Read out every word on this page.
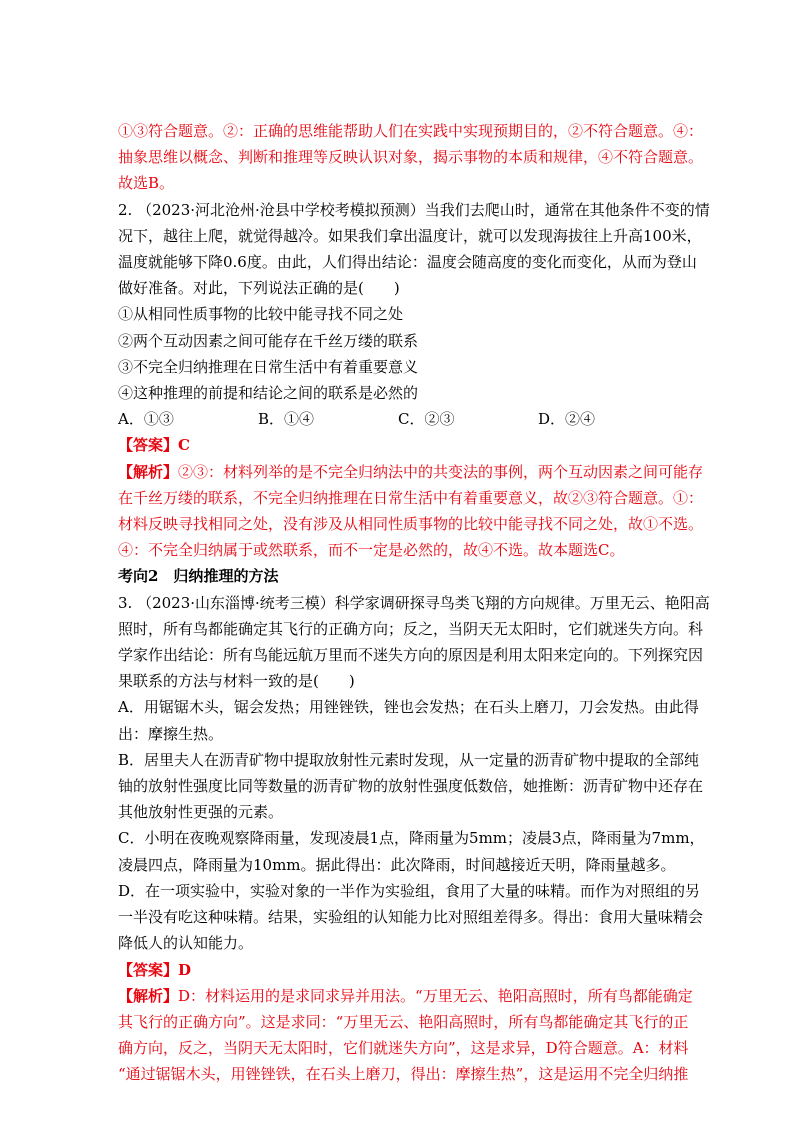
①③符合题意。②：正确的思维能帮助人们在实践中实现预期目的，②不符合题意。④：
抽象思维以概念、判断和推理等反映认识对象，揭示事物的本质和规律，④不符合题意。
故选B。
2. （2023·河北沧州·沧县中学校考模拟预测）当我们去爬山时，通常在其他条件不变的情
况下，越往上爬，就觉得越冷。如果我们拿出温度计，就可以发现海拔往上升高100米，
温度就能够下降0.6度。由此，人们得出结论：温度会随高度的变化而变化，从而为登山
做好准备。对此，下列说法正确的是(　　)
①从相同性质事物的比较中能寻找不同之处
②两个互动因素之间可能存在千丝万缕的联系
③不完全归纳推理在日常生活中有着重要意义
④这种推理的前提和结论之间的联系是必然的
A．①③	B．①④	C．②③	D．②④
【答案】C
【解析】②③：材料列举的是不完全归纳法中的共变法的事例，两个互动因素之间可能存
在千丝万缕的联系，不完全归纳推理在日常生活中有着重要意义，故②③符合题意。①：
材料反映寻找相同之处，没有涉及从相同性质事物的比较中能寻找不同之处，故①不选。
④：不完全归纳属于或然联系，而不一定是必然的，故④不选。故本题选C。
考向2　归纳推理的方法
3. （2023·山东淄博·统考三模）科学家调研探寻鸟类飞翔的方向规律。万里无云、艳阳高
照时，所有鸟都能确定其飞行的正确方向；反之，当阴天无太阳时，它们就迷失方向。科
学家作出结论：所有鸟能远航万里而不迷失方向的原因是利用太阳来定向的。下列探究因
果联系的方法与材料一致的是(　　)
A．用锯锯木头，锯会发热；用锉锉铁，锉也会发热；在石头上磨刀，刀会发热。由此得
出：摩擦生热。
B．居里夫人在沥青矿物中提取放射性元素时发现，从一定量的沥青矿物中提取的全部纯
铀的放射性强度比同等数量的沥青矿物的放射性强度低数倍，她推断：沥青矿物中还存在
其他放射性更强的元素。
C．小明在夜晚观察降雨量，发现凌晨1点，降雨量为5mm；凌晨3点，降雨量为7mm，
凌晨四点，降雨量为10mm。据此得出：此次降雨，时间越接近天明，降雨量越多。
D．在一项实验中，实验对象的一半作为实验组，食用了大量的味精。而作为对照组的另
一半没有吃这种味精。结果，实验组的认知能力比对照组差得多。得出：食用大量味精会
降低人的认知能力。
【答案】D
【解析】D：材料运用的是求同求异并用法。“万里无云、艳阳高照时，所有鸟都能确定
其飞行的正确方向”。这是求同：“万里无云、艳阳高照时，所有鸟都能确定其飞行的正
确方向，反之，当阴天无太阳时，它们就迷失方向”，这是求异，D符合题意。A：材料
“通过锯锯木头，用锉锉铁，在石头上磨刀，得出：摩擦生热”，这是运用不完全归纳推
